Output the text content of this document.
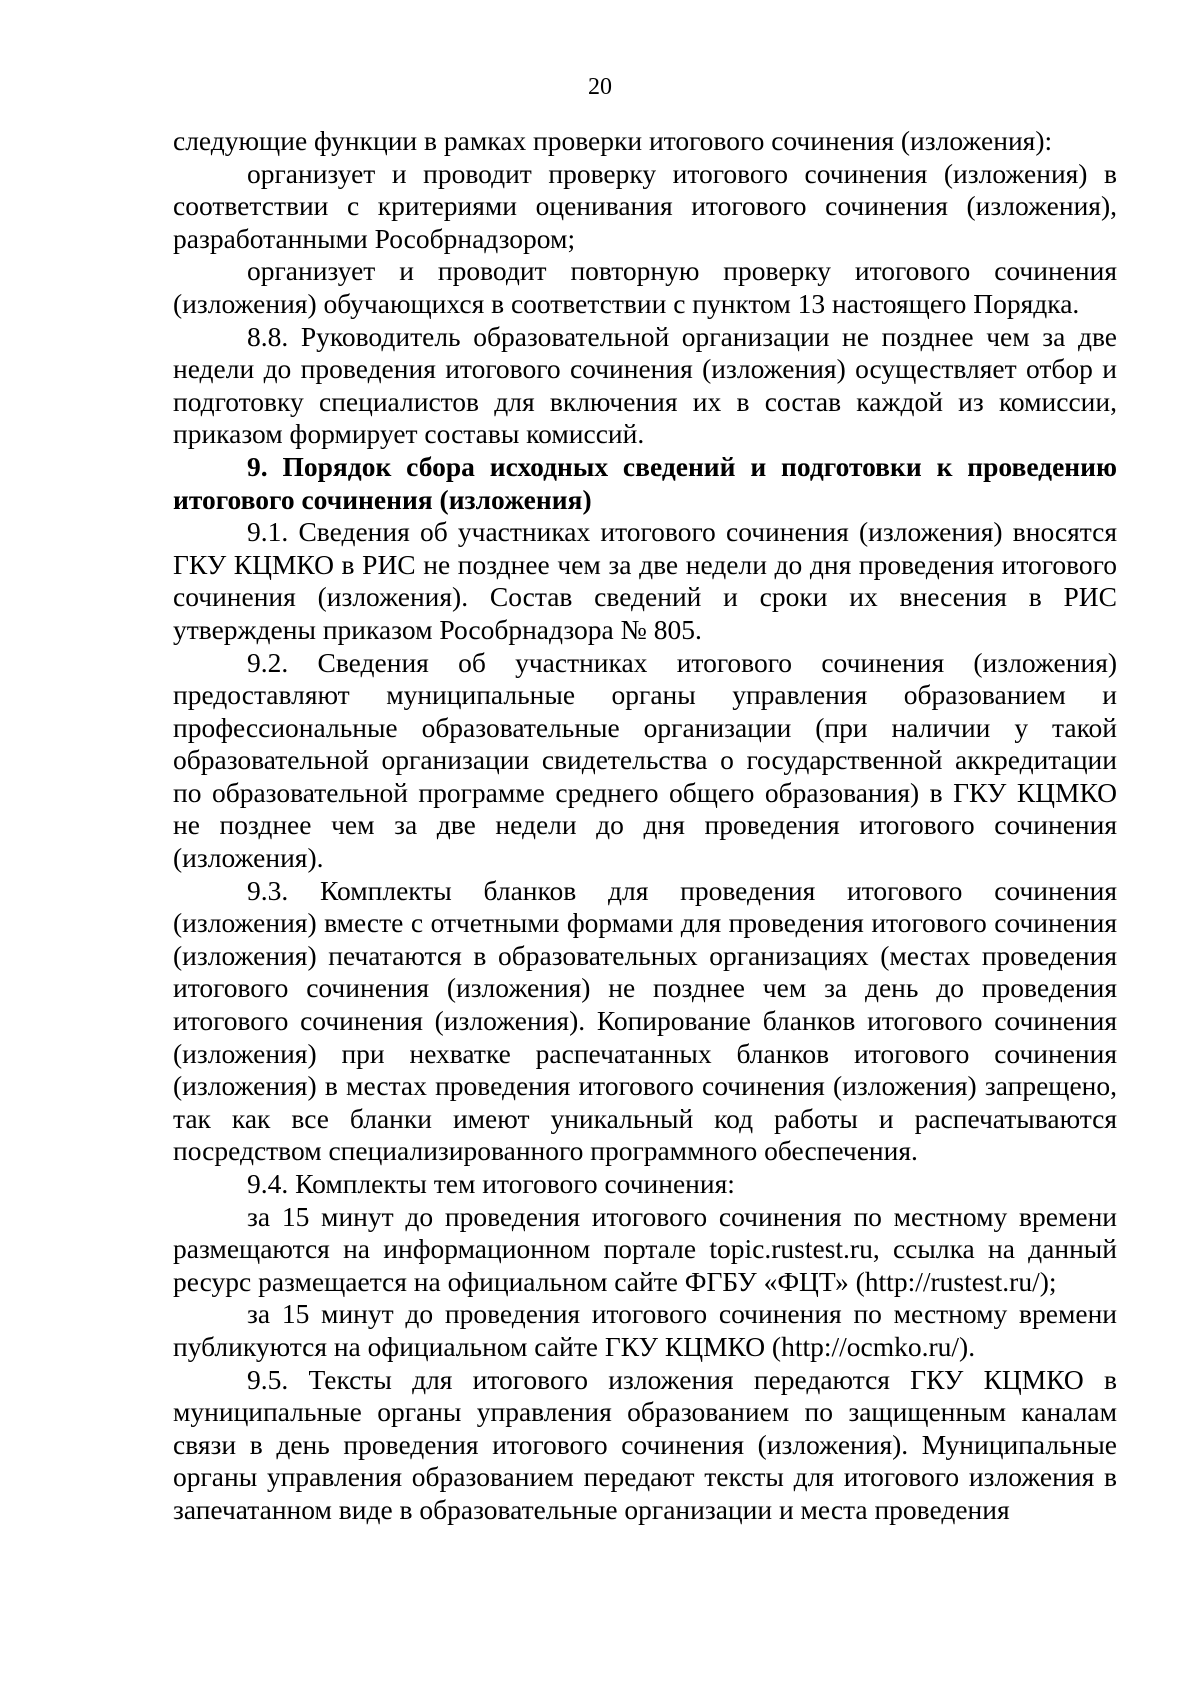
20

следующие функции в рамках проверки итогового сочинения (изложения):

организует и проводит проверку итогового сочинения (изложения) в соответствии с критериями оценивания итогового сочинения (изложения), разработанными Рособрнадзором;

организует и проводит повторную проверку итогового сочинения (изложения) обучающихся в соответствии с пунктом 13 настоящего Порядка.

8.8. Руководитель образовательной организации не позднее чем за две недели до проведения итогового сочинения (изложения) осуществляет отбор и подготовку специалистов для включения их в состав каждой из комиссии, приказом формирует составы комиссий.

9. Порядок сбора исходных сведений и подготовки к проведению итогового сочинения (изложения)

9.1. Сведения об участниках итогового сочинения (изложения) вносятся ГКУ КЦМКО в РИС не позднее чем за две недели до дня проведения итогового сочинения (изложения). Состав сведений и сроки их внесения в РИС утверждены приказом Рособрнадзора № 805.

9.2. Сведения об участниках итогового сочинения (изложения) предоставляют муниципальные органы управления образованием и профессиональные образовательные организации (при наличии у такой образовательной организации свидетельства о государственной аккредитации по образовательной программе среднего общего образования) в ГКУ КЦМКО не позднее чем за две недели до дня проведения итогового сочинения (изложения).

9.3. Комплекты бланков для проведения итогового сочинения (изложения) вместе с отчетными формами для проведения итогового сочинения (изложения) печатаются в образовательных организациях (местах проведения итогового сочинения (изложения) не позднее чем за день до проведения итогового сочинения (изложения). Копирование бланков итогового сочинения (изложения) при нехватке распечатанных бланков итогового сочинения (изложения) в местах проведения итогового сочинения (изложения) запрещено, так как все бланки имеют уникальный код работы и распечатываются посредством специализированного программного обеспечения.

9.4. Комплекты тем итогового сочинения:

за 15 минут до проведения итогового сочинения по местному времени размещаются на информационном портале topic.rustest.ru, ссылка на данный ресурс размещается на официальном сайте ФГБУ «ФЦТ» (http://rustest.ru/);

за 15 минут до проведения итогового сочинения по местному времени публикуются на официальном сайте ГКУ КЦМКО (http://ocmko.ru/).

9.5. Тексты для итогового изложения передаются ГКУ КЦМКО в муниципальные органы управления образованием по защищенным каналам связи в день проведения итогового сочинения (изложения). Муниципальные органы управления образованием передают тексты для итогового изложения в запечатанном виде в образовательные организации и места проведения
